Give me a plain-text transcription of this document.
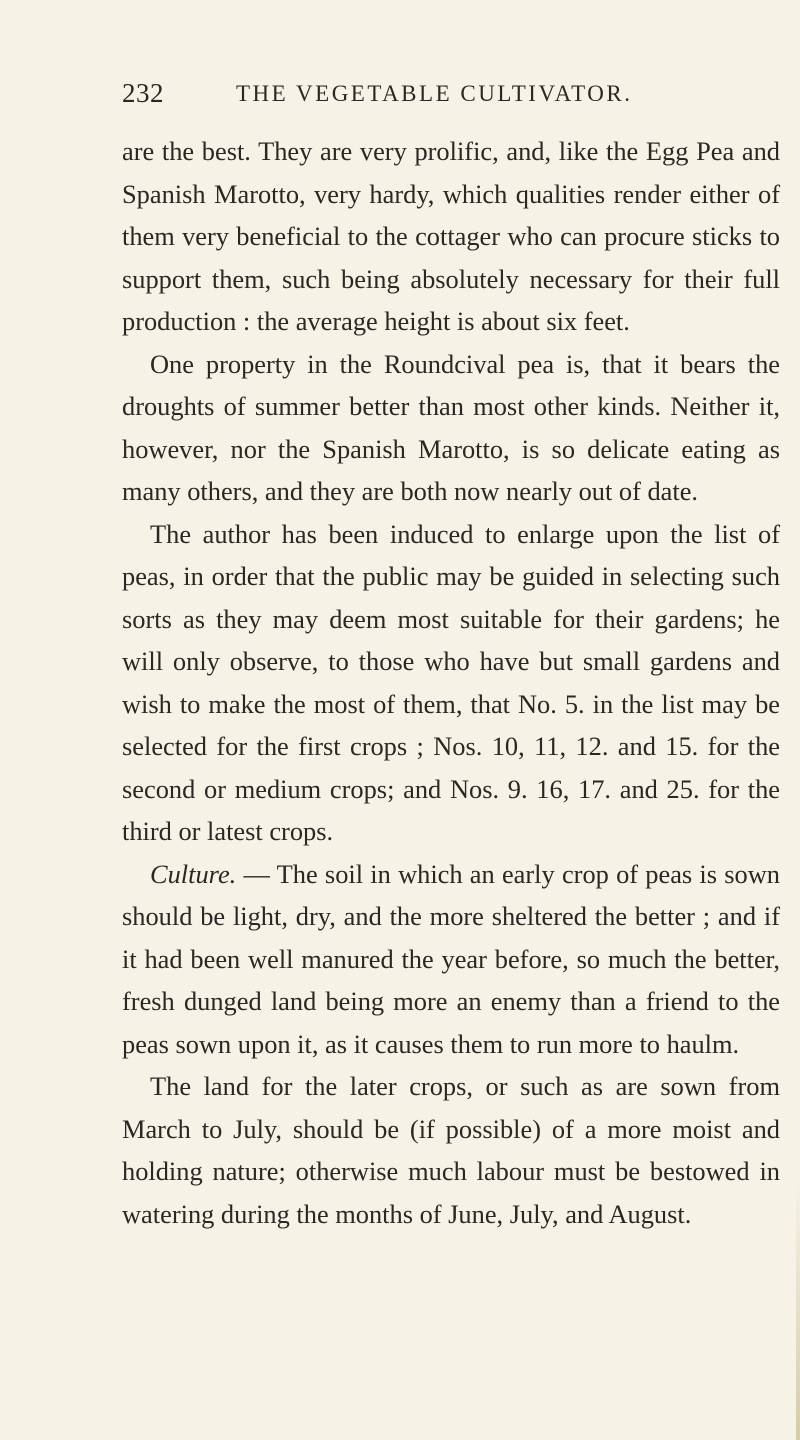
232	THE VEGETABLE CULTIVATOR.

are the best. They are very prolific, and, like the Egg Pea and Spanish Marotto, very hardy, which qualities render either of them very beneficial to the cottager who can procure sticks to support them, such being absolutely necessary for their full production : the average height is about six feet.

One property in the Roundcival pea is, that it bears the droughts of summer better than most other kinds. Neither it, however, nor the Spanish Marotto, is so delicate eating as many others, and they are both now nearly out of date.

The author has been induced to enlarge upon the list of peas, in order that the public may be guided in selecting such sorts as they may deem most suitable for their gardens; he will only observe, to those who have but small gardens and wish to make the most of them, that No. 5. in the list may be selected for the first crops ; Nos. 10, 11, 12. and 15. for the second or medium crops; and Nos. 9. 16, 17. and 25. for the third or latest crops.

Culture. — The soil in which an early crop of peas is sown should be light, dry, and the more sheltered the better ; and if it had been well manured the year before, so much the better, fresh dunged land being more an enemy than a friend to the peas sown upon it, as it causes them to run more to haulm.

The land for the later crops, or such as are sown from March to July, should be (if possible) of a more moist and holding nature; otherwise much labour must be bestowed in watering during the months of June, July, and August.
